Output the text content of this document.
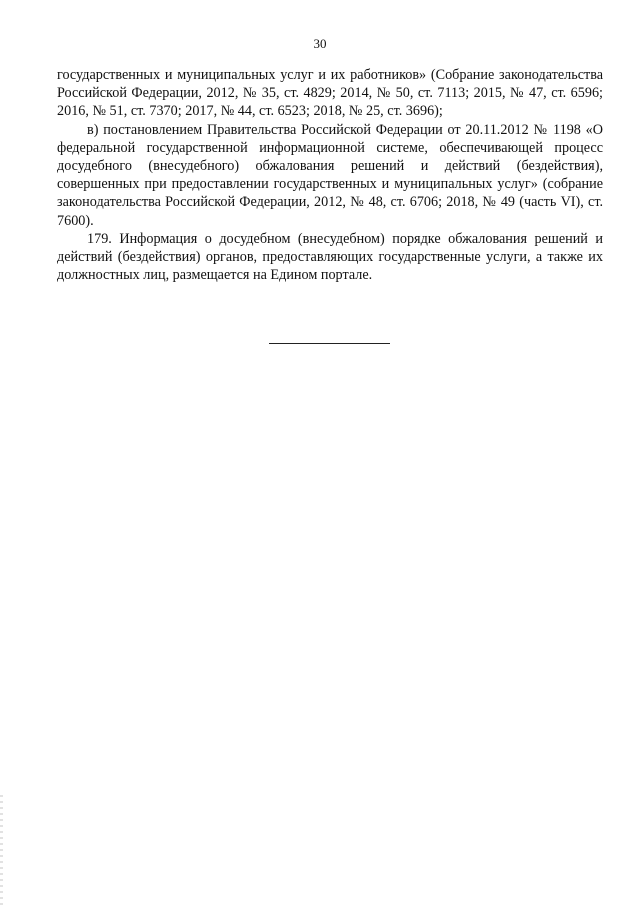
30

государственных и муниципальных услуг и их работников» (Собрание законодательства Российской Федерации, 2012, № 35, ст. 4829; 2014, № 50, ст. 7113; 2015, № 47, ст. 6596; 2016, № 51, ст. 7370; 2017, № 44, ст. 6523; 2018, № 25, ст. 3696);

в) постановлением Правительства Российской Федерации от 20.11.2012 № 1198 «О федеральной государственной информационной системе, обеспечивающей процесс досудебного (внесудебного) обжалования решений и действий (бездействия), совершенных при предоставлении государственных и муниципальных услуг» (собрание законодательства Российской Федерации, 2012, № 48, ст. 6706; 2018, № 49 (часть VI), ст. 7600).

179. Информация о досудебном (внесудебном) порядке обжалования решений и действий (бездействия) органов, предоставляющих государственные услуги, а также их должностных лиц, размещается на Едином портале.
